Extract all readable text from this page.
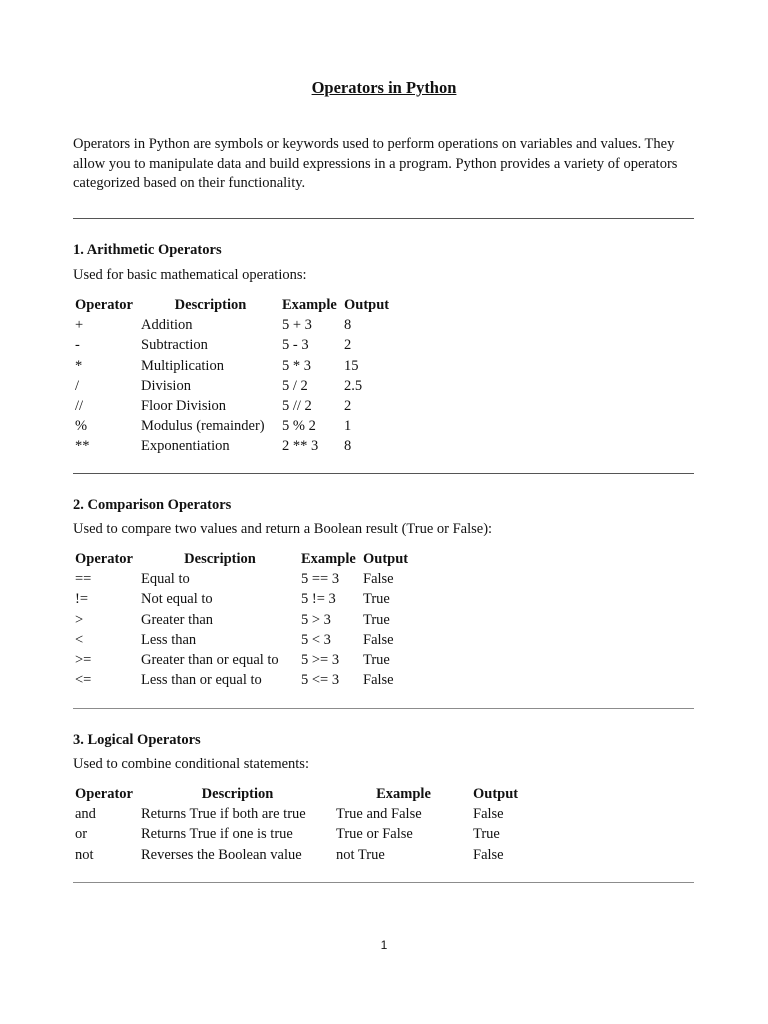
Operators in Python
Operators in Python are symbols or keywords used to perform operations on variables and values. They allow you to manipulate data and build expressions in a program. Python provides a variety of operators categorized based on their functionality.
1. Arithmetic Operators
Used for basic mathematical operations:
Operator	Description	Example	Output
+	Addition	5 + 3	8
-	Subtraction	5 - 3	2
*	Multiplication	5 * 3	15
/	Division	5 / 2	2.5
//	Floor Division	5 // 2	2
%	Modulus (remainder)	5 % 2	1
**	Exponentiation	2 ** 3	8
2. Comparison Operators
Used to compare two values and return a Boolean result (True or False):
Operator	Description	Example	Output
==	Equal to	5 == 3	False
!=	Not equal to	5 != 3	True
>	Greater than	5 > 3	True
<	Less than	5 < 3	False
>=	Greater than or equal to	5 >= 3	True
<=	Less than or equal to	5 <= 3	False
3. Logical Operators
Used to combine conditional statements:
Operator	Description	Example	Output
and	Returns True if both are true	True and False	False
or	Returns True if one is true	True or False	True
not	Reverses the Boolean value	not True	False
1
